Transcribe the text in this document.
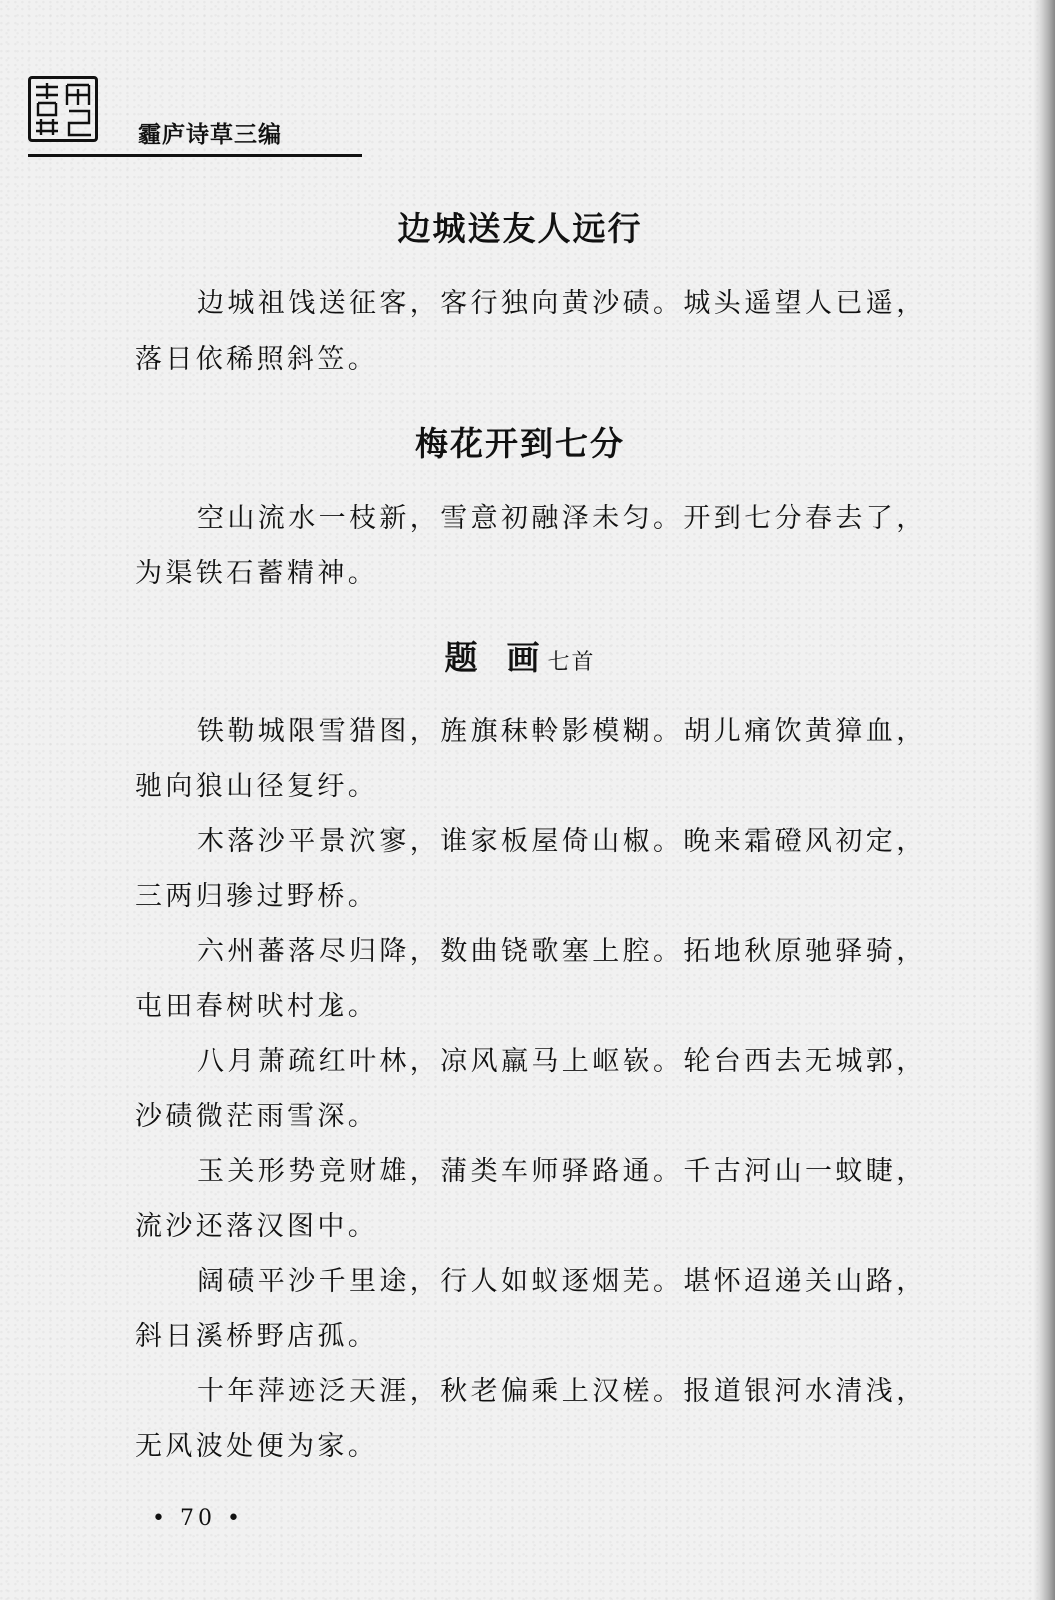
霾庐诗草三编
边城送友人远行
边城祖饯送征客，客行独向黄沙碛。城头遥望人已遥，
落日依稀照斜笠。
梅花开到七分
空山流水一枝新，雪意初融泽未匀。开到七分春去了，
为渠铁石蓄精神。
题  画 七首
铁勒城限雪猎图，旌旗秣軨影模糊。胡儿痛饮黄獐血，
驰向狼山径复纡。
木落沙平景泬寥，谁家板屋倚山椒。晚来霜磴风初定，
三两归骖过野桥。
六州蕃落尽归降，数曲铙歌塞上腔。拓地秋原驰驿骑，
屯田春树吠村尨。
八月萧疏红叶林，凉风羸马上岖嵚。轮台西去无城郭，
沙碛微茫雨雪深。
玉关形势竞财雄，蒲类车师驿路通。千古河山一蚊睫，
流沙还落汉图中。
阔碛平沙千里途，行人如蚁逐烟芜。堪怀迢递关山路，
斜日溪桥野店孤。
十年萍迹泛天涯，秋老偏乘上汉槎。报道银河水清浅，
无风波处便为家。
• 70 •
